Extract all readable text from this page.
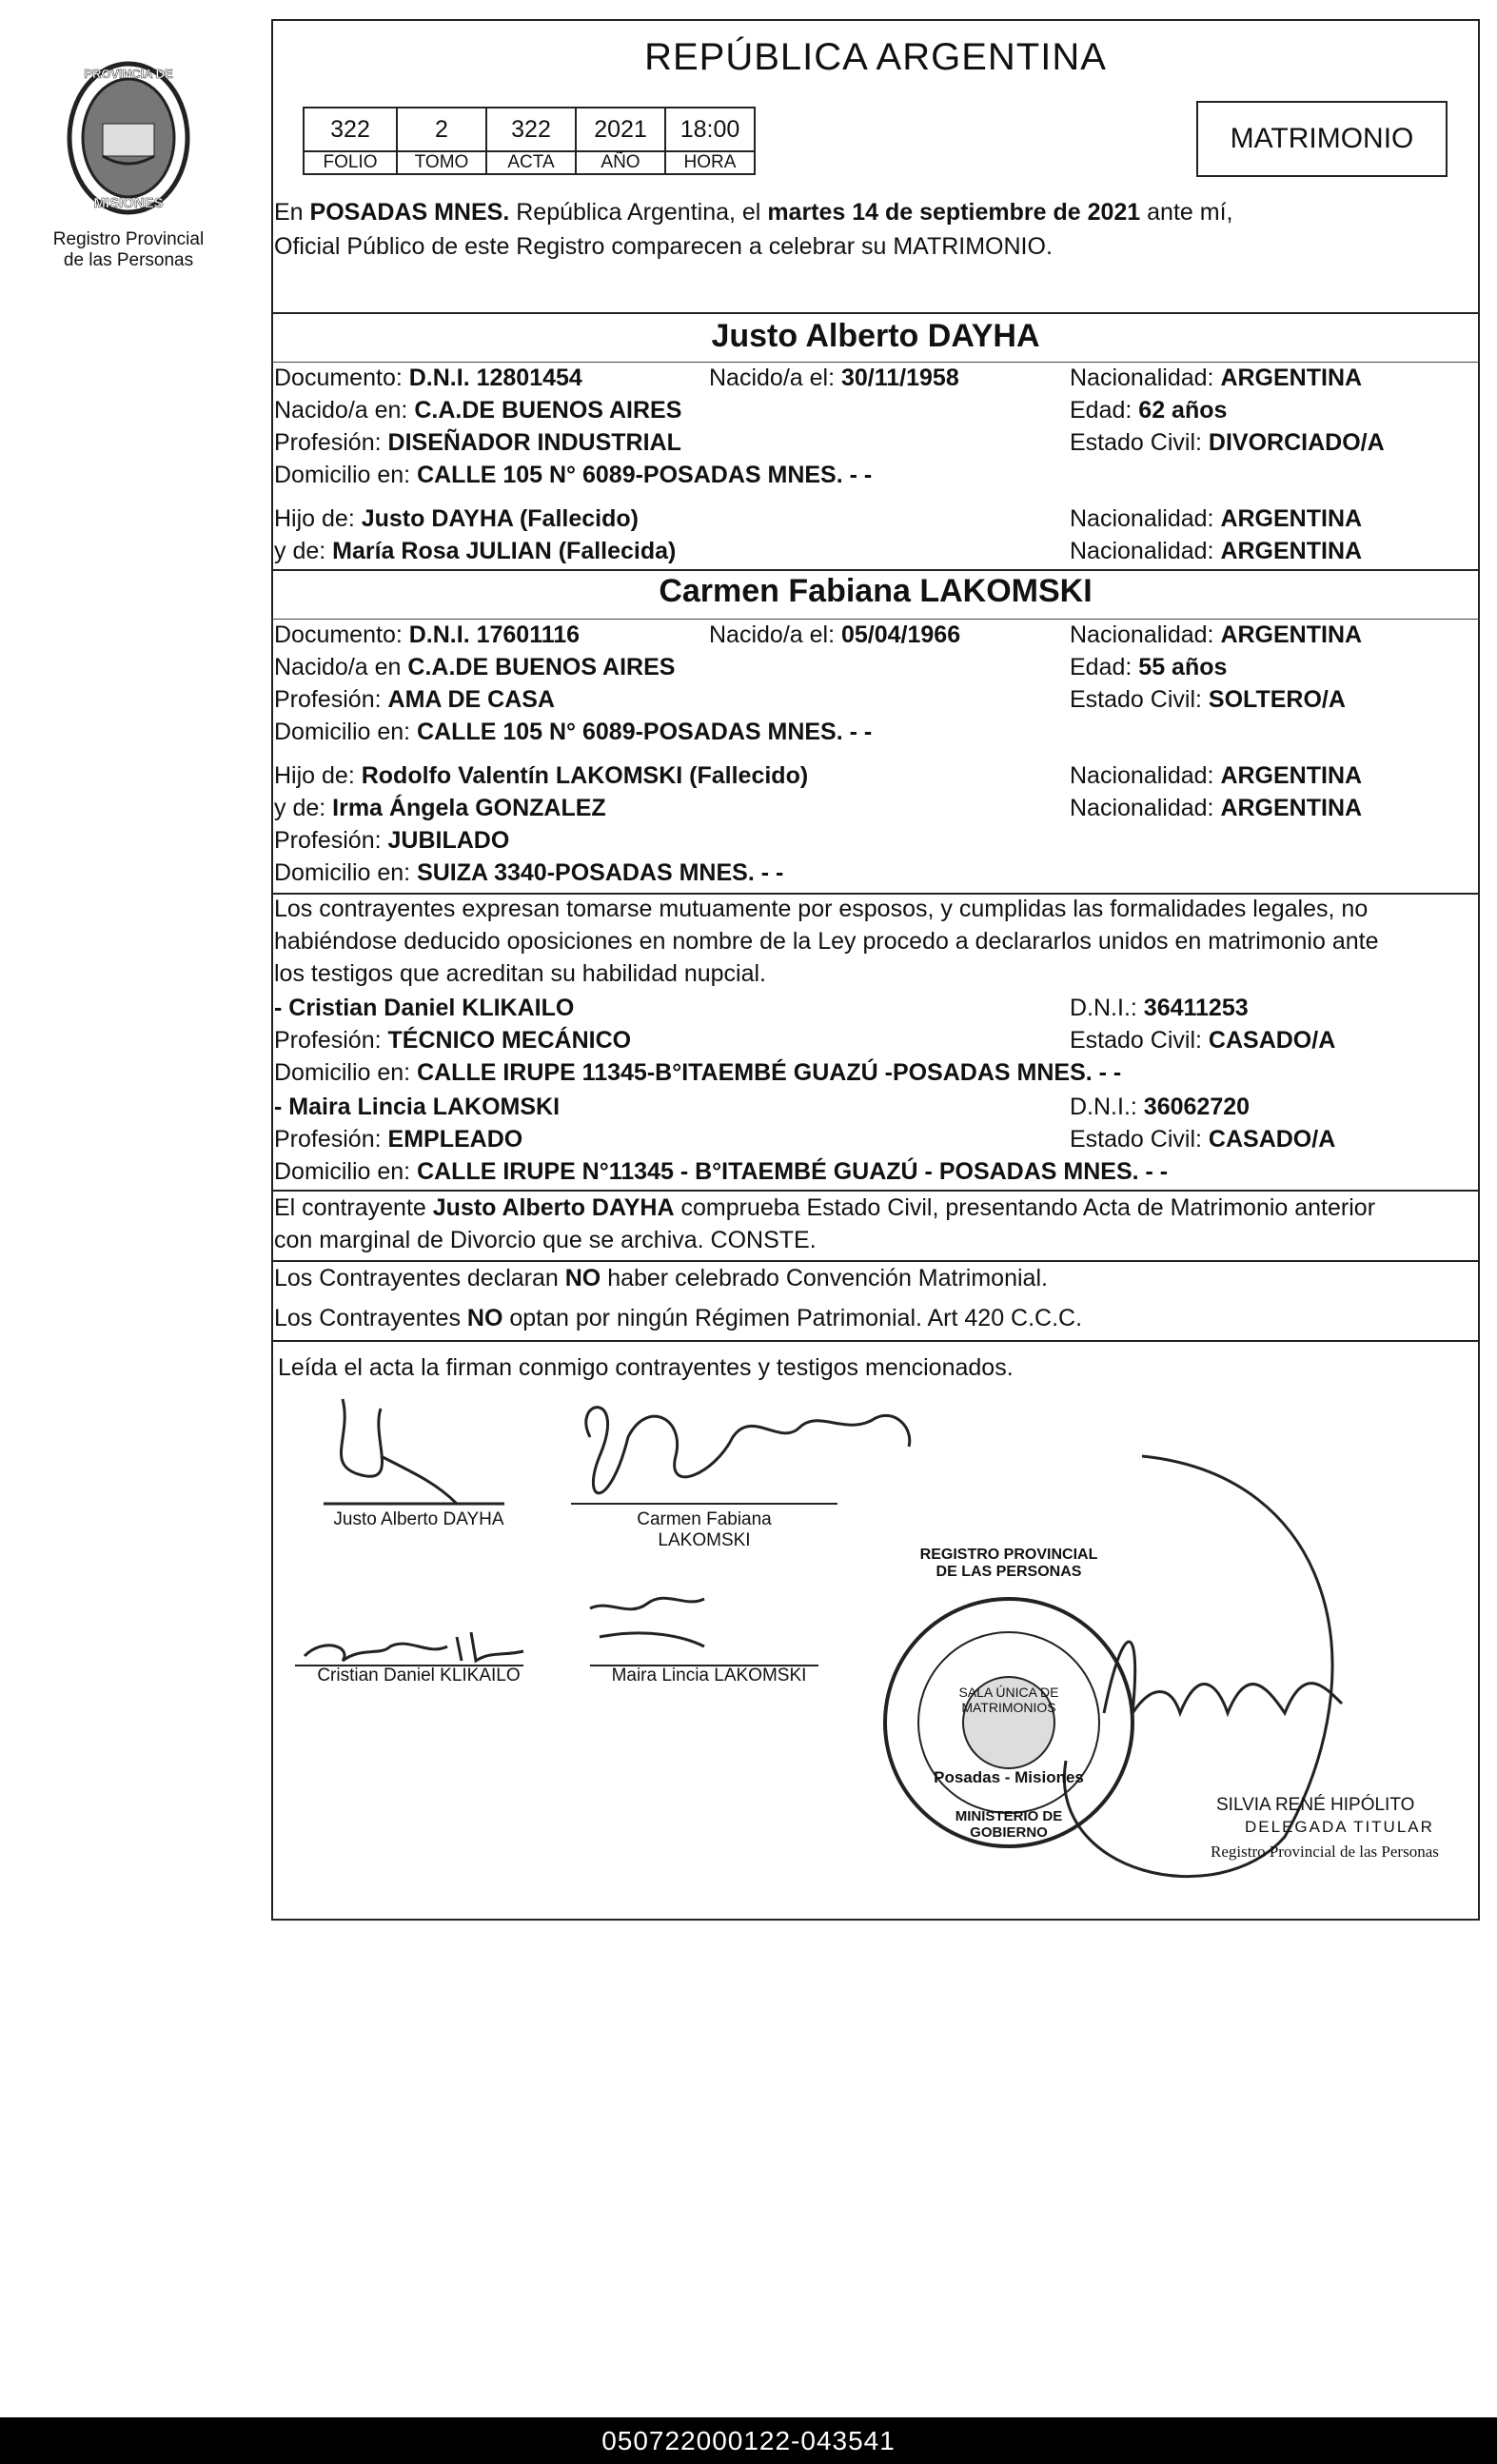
PROVINCIA DE
MISIONES
Registro Provincial
de las Personas
REPÚBLICA ARGENTINA
322	2	322	2021	18:00
FOLIO	TOMO	ACTA	AÑO	HORA
MATRIMONIO
En POSADAS MNES. República Argentina, el martes 14 de septiembre de 2021 ante mí,
Oficial Público de este Registro comparecen a celebrar su MATRIMONIO.
Justo Alberto DAYHA
Documento: D.N.I. 12801454	Nacido/a el: 30/11/1958	Nacionalidad: ARGENTINA
Nacido/a en: C.A.DE BUENOS AIRES	Edad: 62 años
Profesión: DISEÑADOR INDUSTRIAL	Estado Civil: DIVORCIADO/A
Domicilio en: CALLE 105 N° 6089-POSADAS MNES. - -
Hijo de: Justo DAYHA (Fallecido)	Nacionalidad: ARGENTINA
y de: María Rosa JULIAN (Fallecida)	Nacionalidad: ARGENTINA
Carmen Fabiana LAKOMSKI
Documento: D.N.I. 17601116	Nacido/a el: 05/04/1966	Nacionalidad: ARGENTINA
Nacido/a en C.A.DE BUENOS AIRES	Edad: 55 años
Profesión: AMA DE CASA	Estado Civil: SOLTERO/A
Domicilio en: CALLE 105 N° 6089-POSADAS MNES. - -
Hijo de: Rodolfo Valentín LAKOMSKI (Fallecido)	Nacionalidad: ARGENTINA
y de: Irma Ángela GONZALEZ	Nacionalidad: ARGENTINA
Profesión: JUBILADO
Domicilio en: SUIZA 3340-POSADAS MNES. - -
Los contrayentes expresan tomarse mutuamente por esposos, y cumplidas las formalidades legales, no
habiéndose deducido oposiciones en nombre de la Ley procedo a declararlos unidos en matrimonio ante
los testigos que acreditan su habilidad nupcial.
- Cristian Daniel KLIKAILO	D.N.I.: 36411253
Profesión: TÉCNICO MECÁNICO	Estado Civil: CASADO/A
Domicilio en: CALLE IRUPE 11345-B°ITAEMBÉ GUAZÚ -POSADAS MNES. - -
- Maira Lincia LAKOMSKI	D.N.I.: 36062720
Profesión: EMPLEADO	Estado Civil: CASADO/A
Domicilio en: CALLE IRUPE N°11345 - B°ITAEMBÉ GUAZÚ - POSADAS MNES. - -
El contrayente Justo Alberto DAYHA comprueba Estado Civil, presentando Acta de Matrimonio anterior
con marginal de Divorcio que se archiva. CONSTE.
Los Contrayentes declaran NO haber celebrado Convención Matrimonial.
Los Contrayentes NO optan por ningún Régimen Patrimonial. Art 420 C.C.C.
Leída el acta la firman conmigo contrayentes y testigos mencionados.
Justo Alberto DAYHA	Carmen Fabiana
LAKOMSKI
Cristian Daniel KLIKAILO	Maira Lincia LAKOMSKI
REGISTRO PROVINCIAL DE LAS PERSONAS
SALA ÚNICA DE MATRIMONIOS
Posadas - Misiones
MINISTERIO DE GOBIERNO
SILVIA RENÉ HIPÓLITO
DELEGADA TITULAR
Registro Provincial de las Personas
050722000122-043541
